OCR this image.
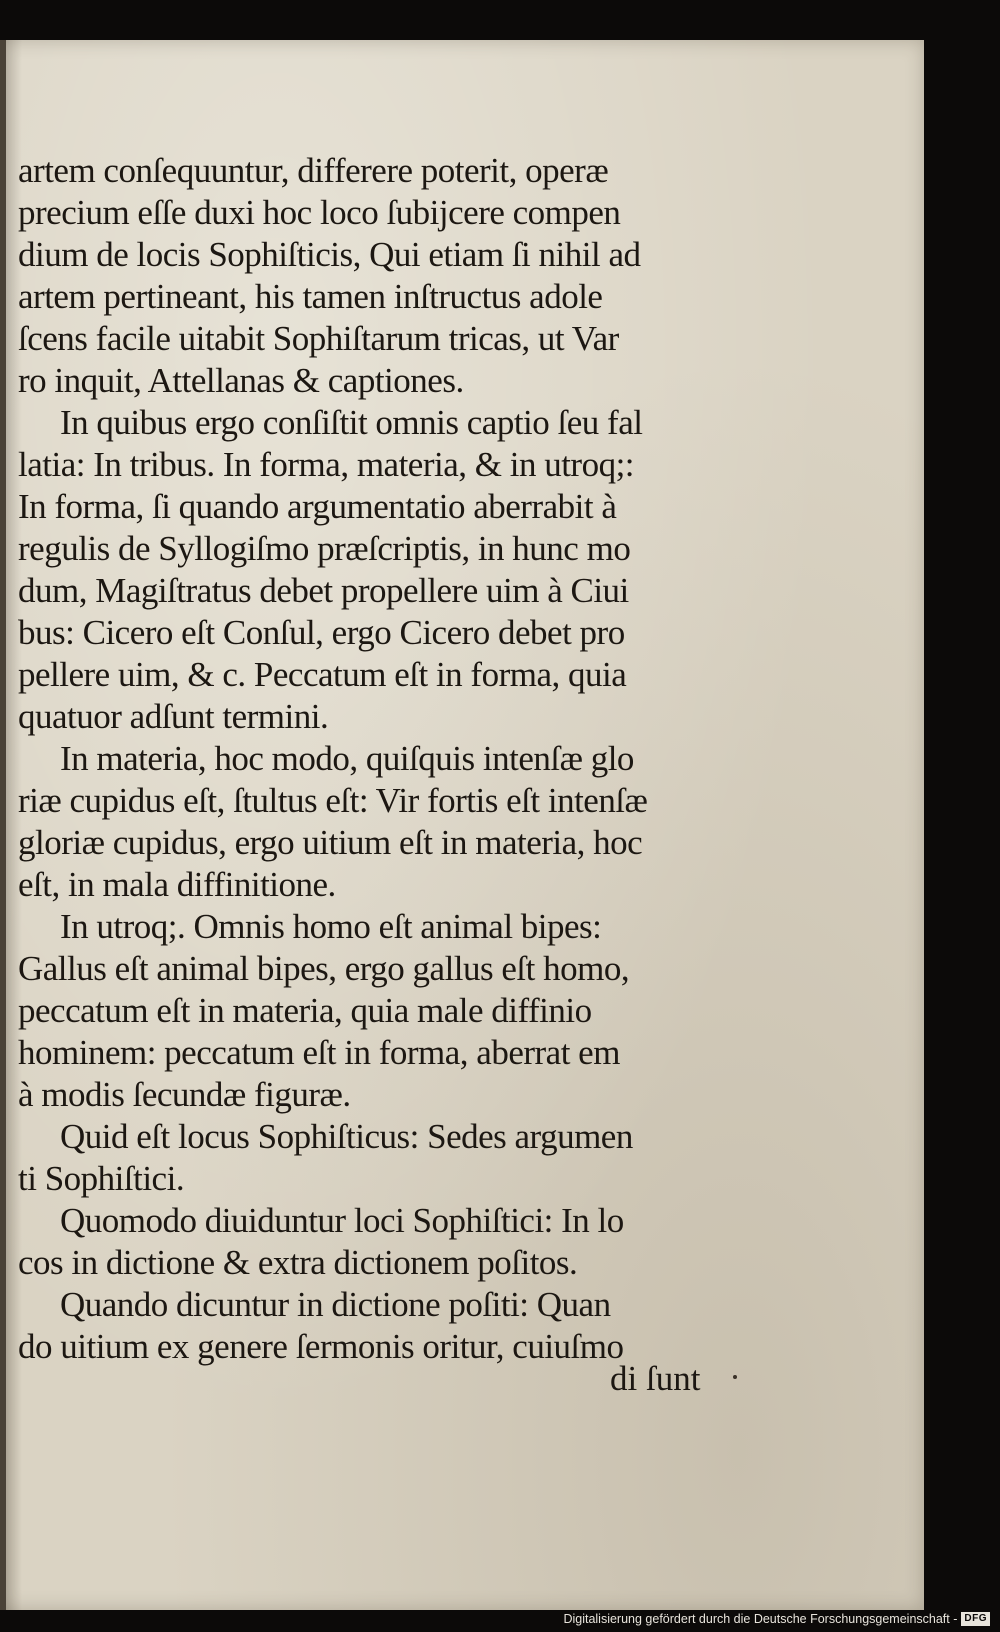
artem conſequuntur, differere poterit, operæ
precium eſſe duxi hoc loco ſubijcere compen
dium de locis Sophiſticis, Qui etiam ſi nihil ad
artem pertineant, his tamen inſtructus adole
ſcens facile uitabit Sophiſtarum tricas, ut Var
ro inquit, Attellanas & captiones.
In quibus ergo conſiſtit omnis captio ſeu fal
latia: In tribus. In forma, materia, & in utroq;:
In forma, ſi quando argumentatio aberrabit à
regulis de Syllogiſmo præſcriptis, in hunc mo
dum, Magiſtratus debet propellere uim à Ciui
bus: Cicero eſt Conſul, ergo Cicero debet pro
pellere uim, & c. Peccatum eſt in forma, quia
quatuor adſunt termini.
In materia, hoc modo, quiſquis intenſæ glo
riæ cupidus eſt, ſtultus eſt: Vir fortis eſt intenſæ
gloriæ cupidus, ergo uitium eſt in materia, hoc
eſt, in mala diffinitione.
In utroq;. Omnis homo eſt animal bipes:
Gallus eſt animal bipes, ergo gallus eſt homo,
peccatum eſt in materia, quia male diffinio
hominem: peccatum eſt in forma, aberrat em
à modis ſecundæ figuræ.
Quid eſt locus Sophiſticus: Sedes argumen
ti Sophiſtici.
Quomodo diuiduntur loci Sophiſtici: In lo
cos in dictione & extra dictionem poſitos.
Quando dicuntur in dictione poſiti: Quan
do uitium ex genere ſermonis oritur, cuiuſmo
di ſunt
Digitalisierung gefördert durch die Deutsche Forschungsgemeinschaft - DFG
